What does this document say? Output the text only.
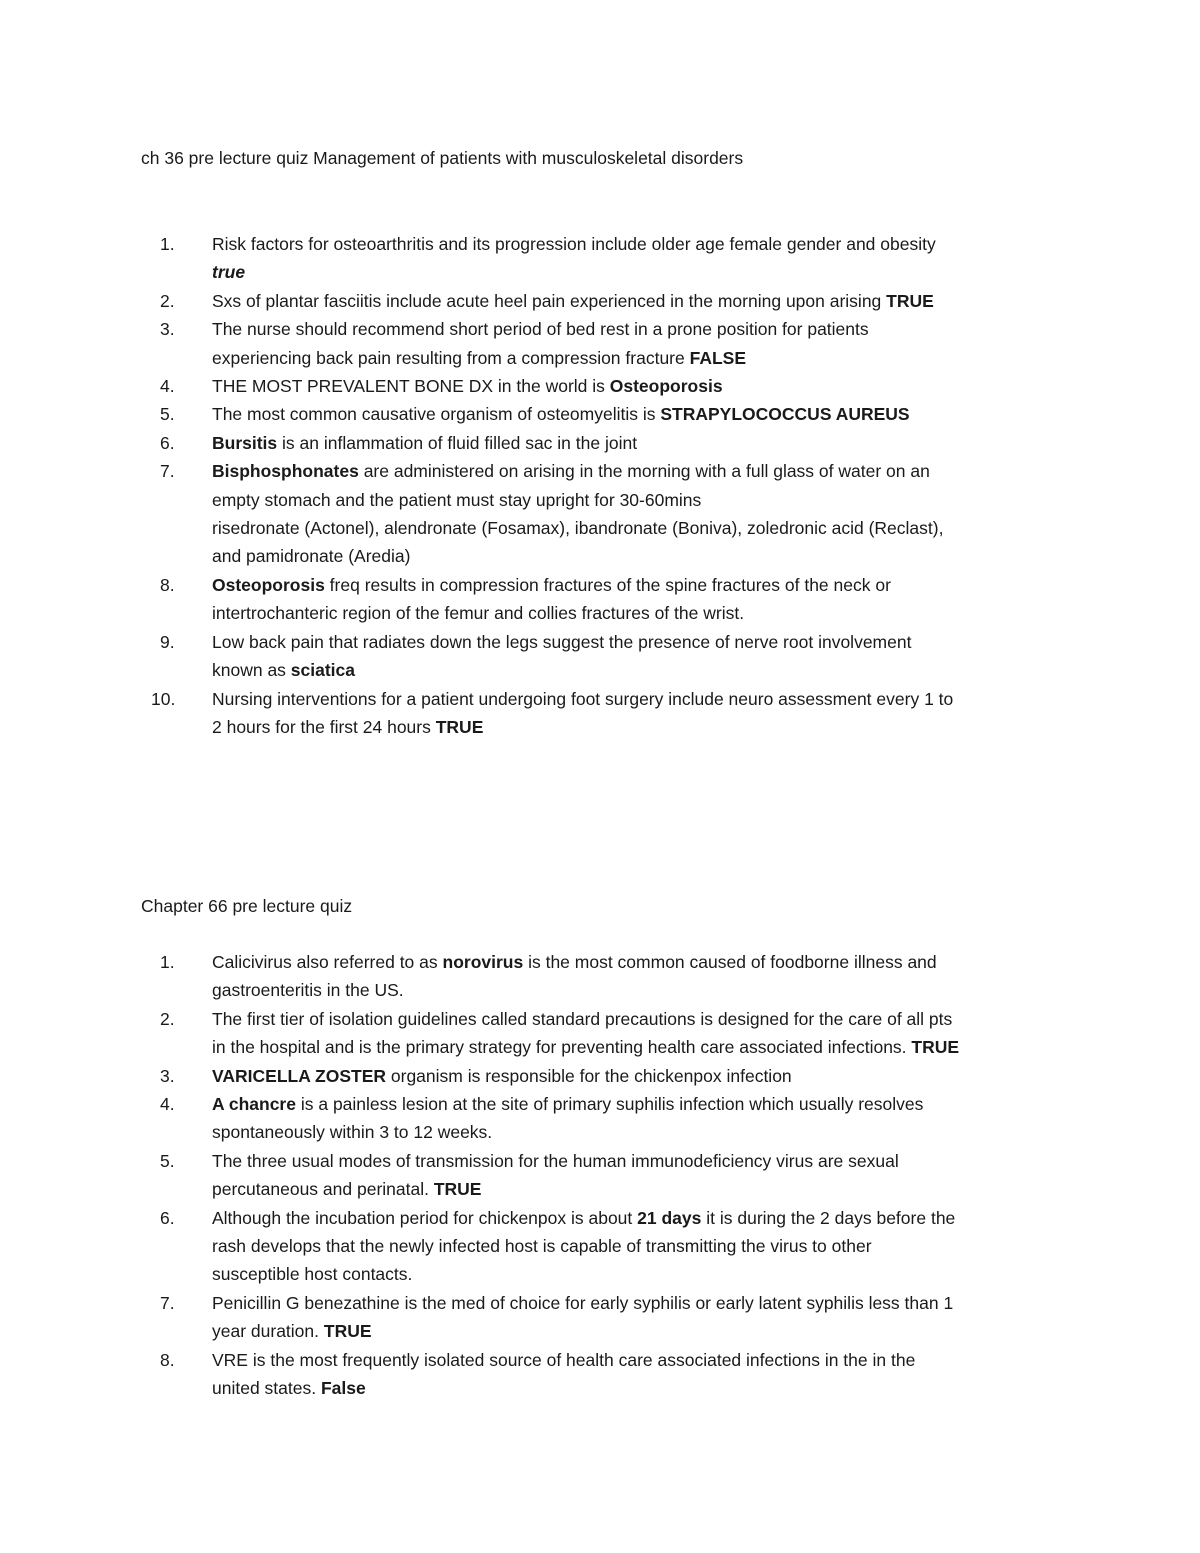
ch 36 pre lecture quiz Management of patients with musculoskeletal disorders

1.	Risk factors for osteoarthritis and its progression include older age female gender and obesity
true
2.	Sxs of plantar fasciitis include acute heel pain experienced in the morning upon arising TRUE
3.	The nurse should recommend short period of bed rest in a prone position for patients
experiencing back pain resulting from a compression fracture FALSE
4.	THE MOST PREVALENT BONE DX in the world is Osteoporosis
5.	The most common causative organism of osteomyelitis is STRAPYLOCOCCUS AUREUS
6.	Bursitis is an inflammation of fluid filled sac in the joint
7.	Bisphosphonates are administered on arising in the morning with a full glass of water on an
empty stomach and the patient must stay upright for 30-60mins
risedronate (Actonel), alendronate (Fosamax), ibandronate (Boniva), zoledronic acid (Reclast),
and pamidronate (Aredia)
8.	Osteoporosis freq results in compression fractures of the spine fractures of the neck or
intertrochanteric region of the femur and collies fractures of the wrist.
9.	Low back pain that radiates down the legs suggest the presence of nerve root involvement
known as sciatica
10.	Nursing interventions for a patient undergoing foot surgery include neuro assessment every 1 to
2 hours for the first 24 hours TRUE

Chapter 66 pre lecture quiz

1.	Calicivirus also referred to as norovirus is the most common caused of foodborne illness and
gastroenteritis in the US.
2.	The first tier of isolation guidelines called standard precautions is designed for the care of all pts
in the hospital and is the primary strategy for preventing health care associated infections. TRUE
3.	VARICELLA ZOSTER organism is responsible for the chickenpox infection
4.	A chancre is a painless lesion at the site of primary suphilis infection which usually resolves
spontaneously within 3 to 12 weeks.
5.	The three usual modes of transmission for the human immunodeficiency virus are sexual
percutaneous and perinatal. TRUE
6.	Although the incubation period for chickenpox is about 21 days it is during the 2 days before the
rash develops that the newly infected host is capable of transmitting the virus to other
susceptible host contacts.
7.	Penicillin G benezathine is the med of choice for early syphilis or early latent syphilis less than 1
year duration. TRUE
8.	VRE is the most frequently isolated source of health care associated infections in the in the
united states. False
